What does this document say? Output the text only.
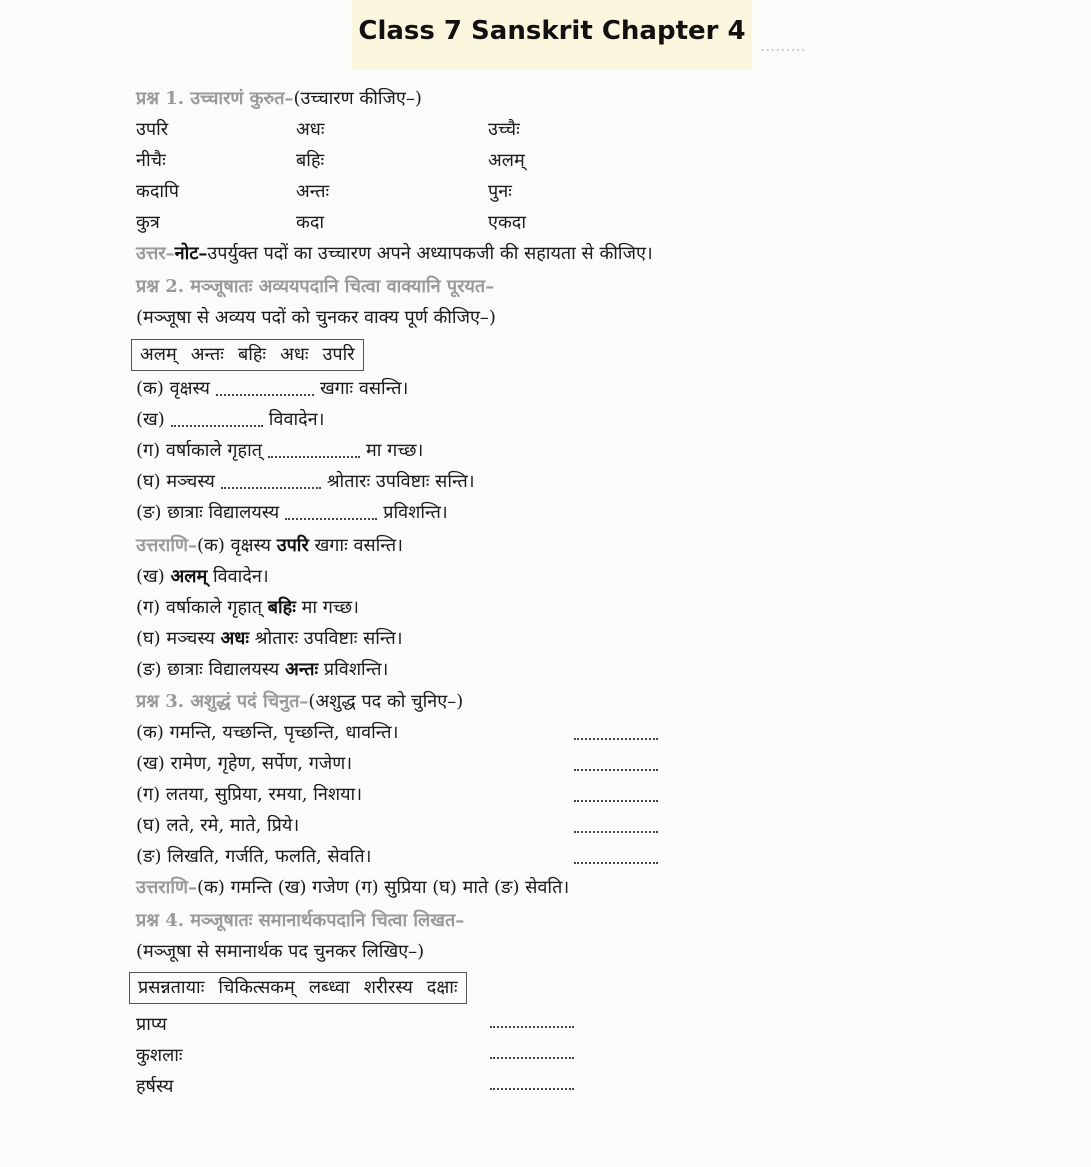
.........
Class 7 Sanskrit Chapter 4
प्रश्न 1. उच्चारणं कुरुत–(उच्चारण कीजिए–)
उपरि	अधः	उच्चैः
नीचैः	बहिः	अलम्
कदापि	अन्तः	पुनः
कुत्र	कदा	एकदा
उत्तर–नोट–उपर्युक्त पदों का उच्चारण अपने अध्यापकजी की सहायता से कीजिए।
प्रश्न 2. मञ्जूषातः अव्ययपदानि चित्वा वाक्यानि पूरयत–
(मञ्जूषा से अव्यय पदों को चुनकर वाक्य पूर्ण कीजिए–)
अलम् अन्तः बहिः अधः उपरि
(क) वृक्षस्य	खगाः वसन्ति।
(ख)	विवादेन।
(ग) वर्षाकाले गृहात्	मा गच्छ।
(घ) मञ्चस्य	श्रोतारः उपविष्टाः सन्ति।
(ङ) छात्राः विद्यालयस्य	प्रविशन्ति।
उत्तराणि–(क) वृक्षस्य उपरि खगाः वसन्ति।
(ख) अलम् विवादेन।
(ग) वर्षाकाले गृहात् बहिः मा गच्छ।
(घ) मञ्चस्य अधः श्रोतारः उपविष्टाः सन्ति।
(ङ) छात्राः विद्यालयस्य अन्तः प्रविशन्ति।
प्रश्न 3. अशुद्धं पदं चिनुत–(अशुद्ध पद को चुनिए–)
(क) गमन्ति, यच्छन्ति, पृच्छन्ति, धावन्ति।
(ख) रामेण, गृहेण, सर्पेण, गजेण।
(ग) लतया, सुप्रिया, रमया, निशया।
(घ) लते, रमे, माते, प्रिये।
(ङ) लिखति, गर्जति, फलति, सेवति।
उत्तराणि–(क) गमन्ति (ख) गजेण (ग) सुप्रिया (घ) माते (ङ) सेवति।
प्रश्न 4. मञ्जूषातः समानार्थकपदानि चित्वा लिखत–
(मञ्जूषा से समानार्थक पद चुनकर लिखिए–)
प्रसन्नतायाः चिकित्सकम् लब्ध्वा शरीरस्य दक्षाः
प्राप्य
कुशलाः
हर्षस्य
